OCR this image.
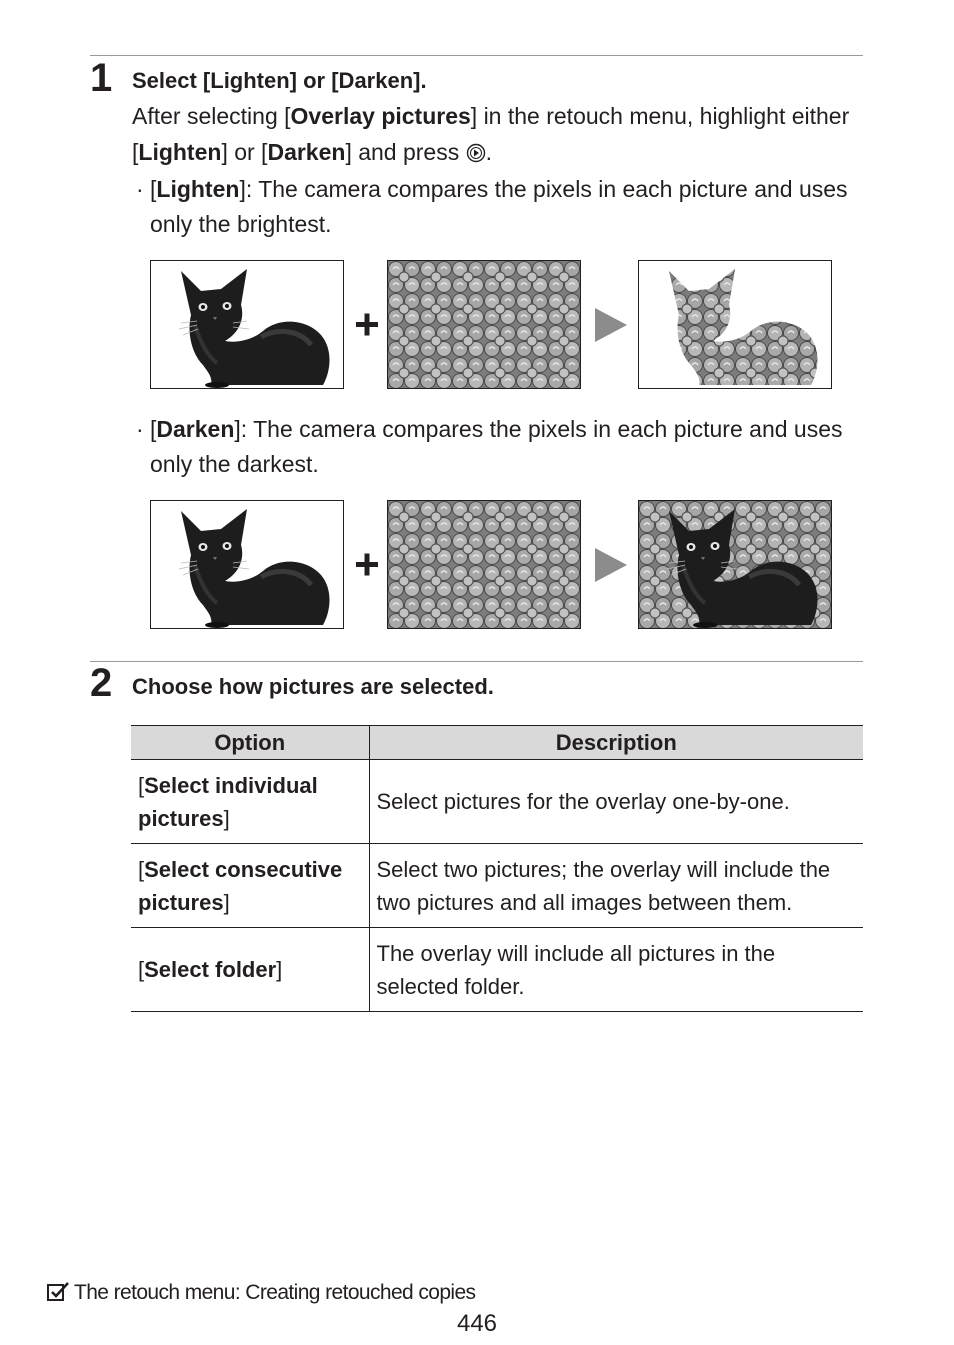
1 Select [Lighten] or [Darken].
After selecting [Overlay pictures] in the retouch menu, highlight either [Lighten] or [Darken] and press .
· [Lighten]: The camera compares the pixels in each picture and uses only the brightest.
· [Darken]: The camera compares the pixels in each picture and uses only the darkest.
2 Choose how pictures are selected.
Option	Description
[Select individual pictures]	Select pictures for the overlay one-by-one.
[Select consecutive pictures]	Select two pictures; the overlay will include the two pictures and all images between them.
[Select folder]	The overlay will include all pictures in the selected folder.
The retouch menu: Creating retouched copies
446
